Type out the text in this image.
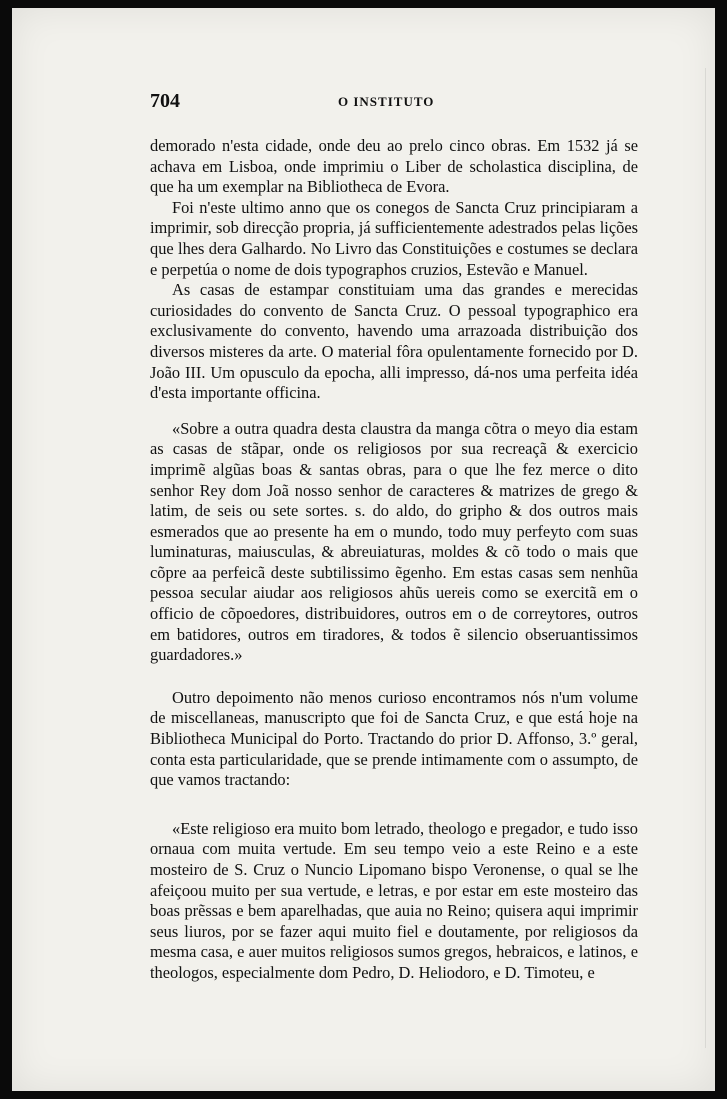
704	O INSTITUTO

demorado n'esta cidade, onde deu ao prelo cinco obras. Em 1532 já se achava em Lisboa, onde imprimiu o Liber de scholastica disciplina, de que ha um exemplar na Bibliotheca de Evora.

Foi n'este ultimo anno que os conegos de Sancta Cruz principiaram a imprimir, sob direcção propria, já sufficientemente adestrados pelas lições que lhes dera Galhardo. No Livro das Constituições e costumes se declara e perpetúa o nome de dois typographos cruzios, Estevão e Manuel.

As casas de estampar constituiam uma das grandes e merecidas curiosidades do convento de Sancta Cruz. O pessoal typographico era exclusivamente do convento, havendo uma arrazoada distribuição dos diversos misteres da arte. O material fôra opulentamente fornecido por D. João III. Um opusculo da epocha, alli impresso, dá-nos uma perfeita idéa d'esta importante officina.

«Sobre a outra quadra desta claustra da manga cõtra o meyo dia estam as casas de stãpar, onde os religiosos por sua recreaçã & exercicio imprimẽ algũas boas & santas obras, para o que lhe fez merce o dito senhor Rey dom Joã nosso senhor de caracteres & matrizes de grego & latim, de seis ou sete sortes. s. do aldo, do gripho & dos outros mais esmerados que ao presente ha em o mundo, todo muy perfeyto com suas luminaturas, maiusculas, & abreuiaturas, moldes & cõ todo o mais que cõpre aa perfeicã deste subtilissimo ẽgenho. Em estas casas sem nenhũa pessoa secular aiudar aos religiosos ahũs uereis como se exercitã em o officio de cõpoedores, distribuidores, outros em o de correytores, outros em batidores, outros em tiradores, & todos ẽ silencio obseruantissimos guardadores.»

Outro depoimento não menos curioso encontramos nós n'um volume de miscellaneas, manuscripto que foi de Sancta Cruz, e que está hoje na Bibliotheca Municipal do Porto. Tractando do prior D. Affonso, 3.º geral, conta esta particularidade, que se prende intimamente com o assumpto, de que vamos tractando:

«Este religioso era muito bom letrado, theologo e pregador, e tudo isso ornaua com muita vertude. Em seu tempo veio a este Reino e a este mosteiro de S. Cruz o Nuncio Lipomano bispo Veronense, o qual se lhe afeiçoou muito per sua vertude, e letras, e por estar em este mosteiro das boas prẽssas e bem aparelhadas, que auia no Reino; quisera aqui imprimir seus liuros, por se fazer aqui muito fiel e doutamente, por religiosos da mesma casa, e auer muitos religiosos sumos gregos, hebraicos, e latinos, e theologos, especialmente dom Pedro, D. Heliodoro, e D. Timoteu, e
